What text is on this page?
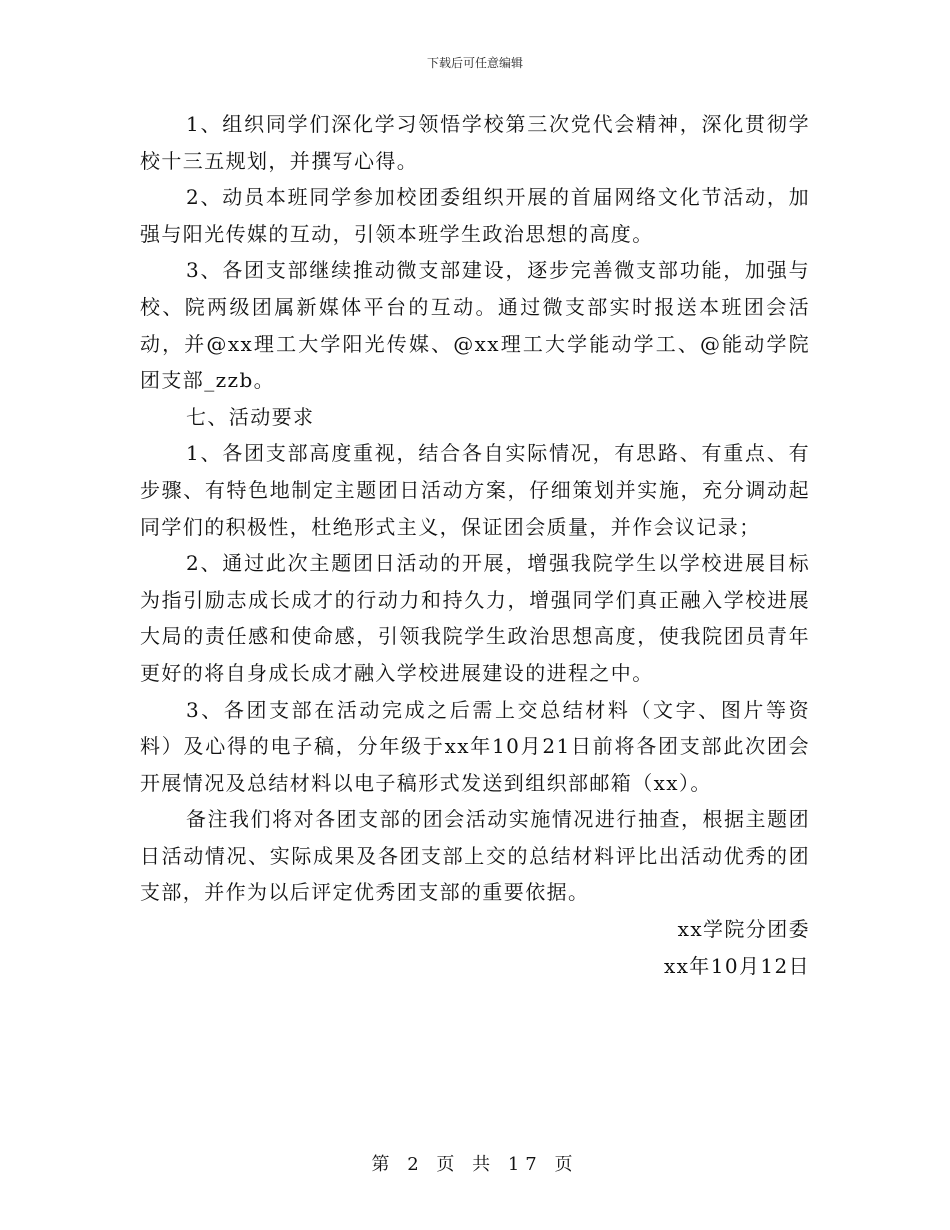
下载后可任意编辑

1、组织同学们深化学习领悟学校第三次党代会精神，深化贯彻学校十三五规划，并撰写心得。

2、动员本班同学参加校团委组织开展的首届网络文化节活动，加强与阳光传媒的互动，引领本班学生政治思想的高度。

3、各团支部继续推动微支部建设，逐步完善微支部功能，加强与校、院两级团属新媒体平台的互动。通过微支部实时报送本班团会活动，并@xx理工大学阳光传媒、@xx理工大学能动学工、@能动学院团支部_zzb。

七、活动要求

1、各团支部高度重视，结合各自实际情况，有思路、有重点、有步骤、有特色地制定主题团日活动方案，仔细策划并实施，充分调动起同学们的积极性，杜绝形式主义，保证团会质量，并作会议记录；

2、通过此次主题团日活动的开展，增强我院学生以学校进展目标为指引励志成长成才的行动力和持久力，增强同学们真正融入学校进展大局的责任感和使命感，引领我院学生政治思想高度，使我院团员青年更好的将自身成长成才融入学校进展建设的进程之中。

3、各团支部在活动完成之后需上交总结材料（文字、图片等资料）及心得的电子稿，分年级于xx年10月21日前将各团支部此次团会开展情况及总结材料以电子稿形式发送到组织部邮箱（xx）。

备注我们将对各团支部的团会活动实施情况进行抽查，根据主题团日活动情况、实际成果及各团支部上交的总结材料评比出活动优秀的团支部，并作为以后评定优秀团支部的重要依据。

xx学院分团委

xx年10月12日

第 2 页 共 17 页
